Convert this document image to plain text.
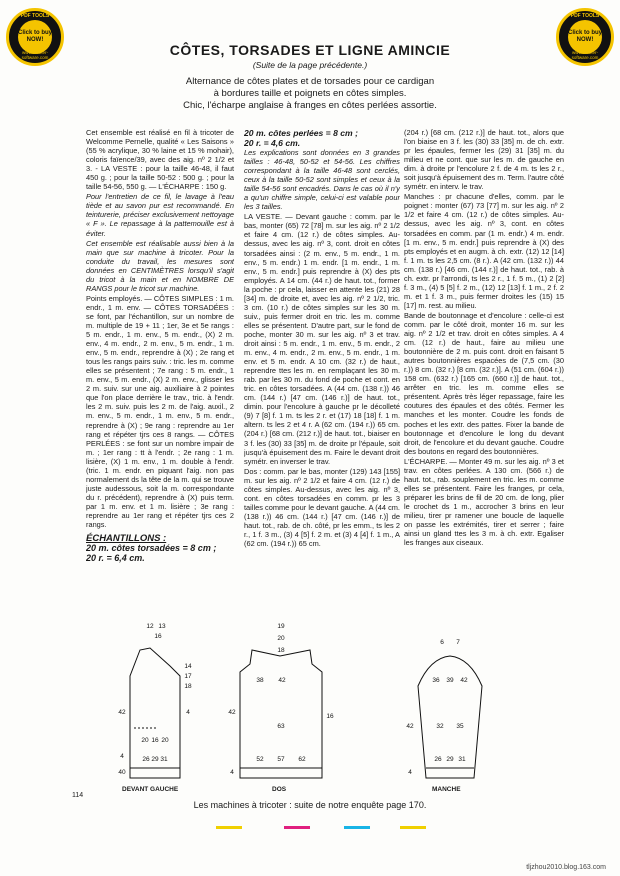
PDF TOOLS
Click to buy NOW!
www.tracker-software.com
PDF TOOLS
Click to buy NOW!
www.tracker-software.com
CÔTES, TORSADES ET LIGNE AMINCIE
(Suite de la page précédente.)
Alternance de côtes plates et de torsades pour ce cardigan
à bordures taille et poignets en côtes simples.
Chic, l'écharpe anglaise à franges en côtes perlées assortie.

Cet ensemble est réalisé en fil à tricoter de Welcomme Pernelle, qualité « Les Saisons » (55 % acrylique, 30 % laine et 15 % mohair), coloris faïence/39, avec des aig. nº 2 1/2 et 3. - LA VESTE : pour la taille 46-48, il faut 450 g. ; pour la taille 50-52 : 500 g. ; pour la taille 54-56, 550 g. — L'ÉCHARPE : 150 g.

Pour l'entretien de ce fil, le lavage à l'eau tiède et au savon pur est recommandé. En teinturerie, préciser exclusivement nettoyage « F ». Le repassage à la pattemouille est à éviter.

Cet ensemble est réalisable aussi bien à la main que sur machine à tricoter. Pour la conduite du travail, les mesures sont données en CENTIMÈTRES lorsqu'il s'agit du tricot à la main et en NOMBRE DE RANGS pour le tricot sur machine.

Points employés. — CÔTES SIMPLES : 1 m. endr., 1 m. env. — CÔTES TORSADÉES : se font, par l'échantillon, sur un nombre de m. multiple de 19 + 11 ; 1er, 3e et 5e rangs : 5 m. endr., 1 m. env., 5 m. endr., (X) 2 m. env., 4 m. endr., 2 m. env., 5 m. endr., 1 m. env., 5 m. endr., reprendre à (X) ; 2e rang et tous les rangs pairs suiv. : tric. les m. comme elles se présentent ; 7e rang : 5 m. endr., 1 m. env., 5 m. endr., (X) 2 m. env., glisser les 2 m. suiv. sur une aig. auxiliaire à 2 pointes que l'on place derrière le trav., tric. à l'endr. les 2 m. suiv. puis les 2 m. de l'aig. auxil., 2 m. env., 5 m. endr., 1 m. env., 5 m. endr., reprendre à (X) ; 9e rang : reprendre au 1er rang et répéter tjrs ces 8 rangs. — CÔTES PERLÉES : se font sur un nombre impair de m. ; 1er rang : tt à l'endr. ; 2e rang : 1 m. lisière, (X) 1 m. env., 1 m. double à l'endr. (tric. 1 m. endr. en piquant l'aig. non pas normalement ds la tête de la m. qui se trouve juste audessous, soit la m. correspondante du r. précédent), reprendre à (X) puis term. par 1 m. env. et 1 m. lisière ; 3e rang : reprendre au 1er rang et répéter tjrs ces 2 rangs.

ÉCHANTILLONS :
20 m. côtes torsadées = 8 cm ;
20 r. = 6,4 cm.
20 m. côtes perlées = 8 cm ;
20 r. = 4,6 cm.

Les explications sont données en 3 grandes tailles : 46-48, 50-52 et 54-56. Les chiffres correspondant à la taille 46-48 sont cerclés, ceux à la taille 50-52 sont simples et ceux à la taille 54-56 sont encadrés. Dans le cas où il n'y a qu'un chiffre simple, celui-ci est valable pour les 3 tailles.

LA VESTE. — Devant gauche : comm. par le bas, monter (65) 72 [78] m. sur les aig. nº 2 1/2 et faire 4 cm. (12 r.) de côtes simples. Au-dessus, avec les aig. nº 3, cont. droit en côtes torsadées ainsi : (2 m. env., 5 m. endr., 1 m. env., 5 m. endr.) 1 m. endr. [1 m. endr., 1 m. env., 5 m. endr.] puis reprendre à (X) des pts employés. A 14 cm. (44 r.) de haut. tot., former la poche : pr cela, laisser en attente les (21) 28 [34] m. de droite et, avec les aig. nº 2 1/2, tric. 3 cm. (10 r.) de côtes simples sur les 30 m. suiv., puis fermer droit en tric. les m. comme elles se présentent. D'autre part, sur le fond de poche, monter 30 m. sur les aig. nº 3 et trav. droit ainsi : 5 m. endr., 1 m. env., 5 m. endr., 2 m. env., 4 m. endr., 2 m. env., 5 m. endr., 1 m. env. et 5 m. endr. A 10 cm. (32 r.) de haut., reprendre ttes les m. en remplaçant les 30 m. rab. par les 30 m. du fond de poche et cont. en tric. en côtes torsadées. A (44 cm. (138 r.)) 46 cm. (144 r.) [47 cm. (146 r.)] de haut. tot., dimin. pour l'encolure à gauche pr le décolleté (9) 7 [8] f. 1 m. ts les 2 r. et (17) 18 [18] f. 1 m. altern. ts les 2 et 4 r. A (62 cm. (194 r.)) 65 cm. (204 r.) [68 cm. (212 r.)] de haut. tot., biaiser en 3 f. les (30) 33 [35] m. de droite pr l'épaule, soit jusqu'à épuisement des m. Faire le devant droit symétr. en inverser le trav.

Dos : comm. par le bas, monter (129) 143 [155] m. sur les aig. nº 2 1/2 et faire 4 cm. (12 r.) de côtes simples. Au-dessus, avec les aig. nº 3, cont. en côtes torsadées en comm. pr les 3 tailles comme pour le devant gauche. A (44 cm. (138 r.)) 46 cm. (144 r.) [47 cm. (146 r.)] de haut. tot., rab. de ch. côté, pr les emm., ts les 2 r., 1 f. 3 m., (3) 4 [5] f. 2 m. et (3) 4 [4] f. 1 m., A (62 cm. (194 r.)) 65 cm.

(204 r.) [68 cm. (212 r.)] de haut. tot., alors que l'on biaise en 3 f. les (30) 33 [35] m. de ch. extr. pr les épaules, fermer les (29) 31 [35] m. du milieu et ne cont. que sur les m. de gauche en dim. à droite pr l'encolure 2 f. de 4 m. ts les 2 r., soit jusqu'à épuisement des m. Term. l'autre côté symétr. en interv. le trav.

Manches : pr chacune d'elles, comm. par le poignet : monter (67) 73 [77] m. sur les aig. nº 2 1/2 et faire 4 cm. (12 r.) de côtes simples. Au-dessus, avec les aig. nº 3, cont. en côtes torsadées en comm. par (1 m. endr.) 4 m. endr. [1 m. env., 5 m. endr.] puis reprendre à (X) des pts employés et en augm. à ch. extr. (12) 12 [14] f. 1 m. ts les 2,5 cm. (8 r.). A (42 cm. (132 r.)) 44 cm. (138 r.) [46 cm. (144 r.)] de haut. tot., rab. à ch. extr. pr l'arrondi, ts les 2 r., 1 f. 5 m., (1) 2 [2] f. 3 m., (4) 5 [5] f. 2 m., (12) 12 [13] f. 1 m., 2 f. 2 m. et 1 f. 3 m., puis fermer droites les (15) 15 [17] m. rest. au milieu.

Bande de boutonnage et d'encolure : celle-ci est comm. par le côté droit, monter 16 m. sur les aig. nº 2 1/2 et trav. droit en côtes simples. A 4 cm. (12 r.) de haut., faire au milieu une boutonnière de 2 m. puis cont. droit en faisant 5 autres boutonnières espacées de (7,5 cm. (30 r.)) 8 cm. (32 r.) [8 cm. (32 r.)]. A (51 cm. (604 r.)) 158 cm. (632 r.) [165 cm. (660 r.)] de haut. tot., arrêter en tric. les m. comme elles se présentent. Après très léger repassage, faire les coutures des épaules et des côtés. Fermer les manches et les monter. Coudre les fonds de poches et les extr. des pattes. Fixer la bande de boutonnage et d'encolure le long du devant droit, de l'encolure et du devant gauche. Coudre des boutons en regard des boutonnières.

L'ÉCHARPE. — Monter 49 m. sur les aig. nº 3 et trav. en côtes perlées. A 130 cm. (566 r.) de haut. tot., rab. souplement en tric. les m. comme elles se présentent. Faire les franges, pr cela, préparer les brins de fil de 20 cm. de long, plier le crochet ds 1 m., accrocher 3 brins en leur milieu, tirer pr ramener une boucle de laquelle on passe les extrémités, tirer et serrer ; faire ainsi un gland ttes les 3 m. à ch. extr. Egaliser les franges aux ciseaux.

12 13
16
42
4
40
4
26 29 31
14
17
18
20 16 20
19
20
18
38 42
42
52 57 62
63
4
16
6 7
36 39 42
32 35
4
26 29 31
42
DEVANT GAUCHE	DOS	MANCHE
114
Les machines à tricoter : suite de notre enquête page 170.
tljzhou2010.blog.163.com
